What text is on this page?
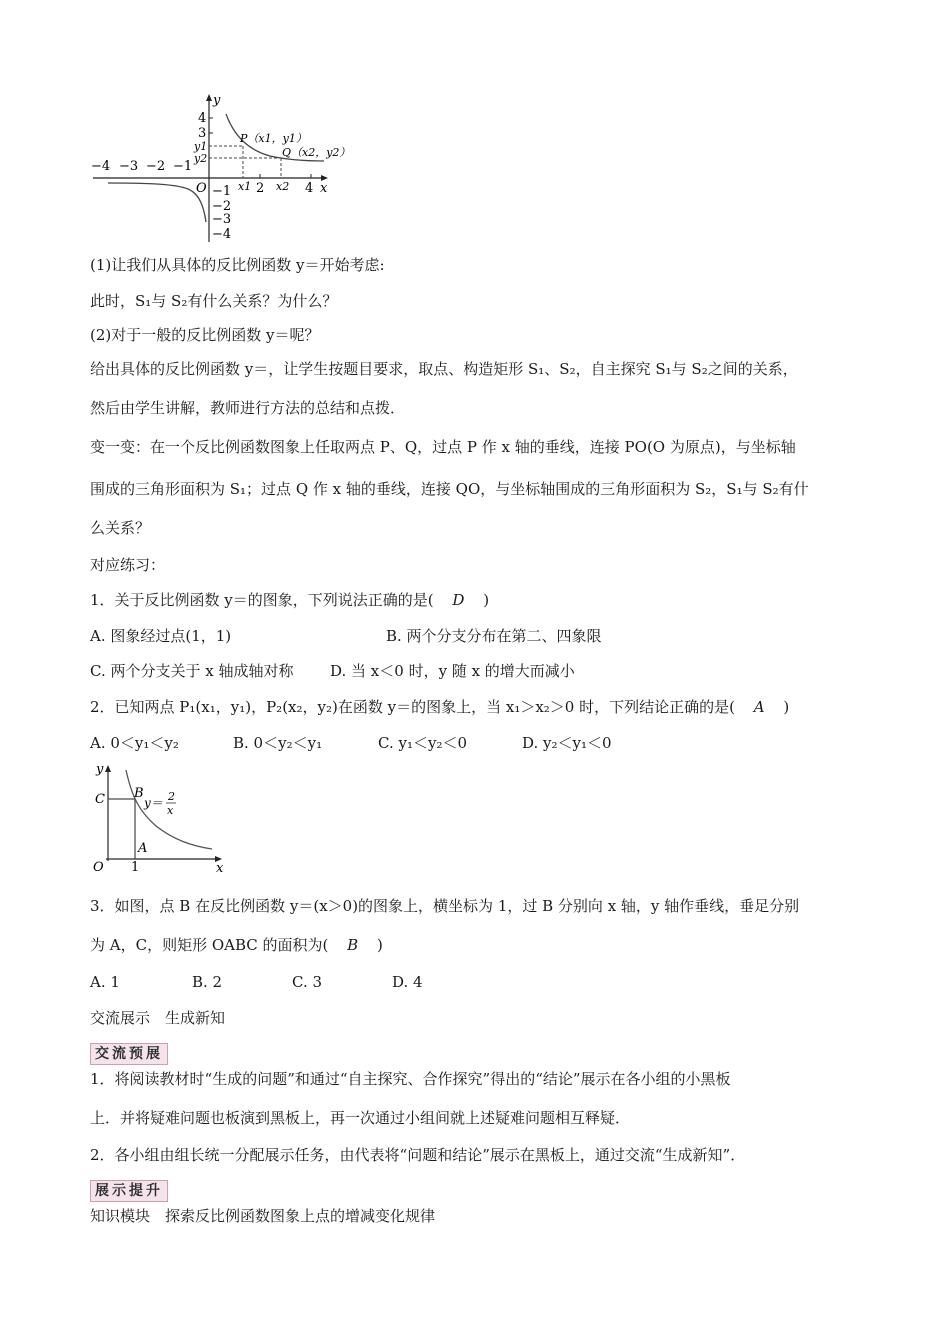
−4 −3 −2 −1
2	4
4
3
−1
−2
−3
−4
x
y
O
y1
y2
x1 x2
P（x1，y1）
Q（x2，y2）
(1)让我们从具体的反比例函数 y＝开始考虑:
此时，S₁与 S₂有什么关系？为什么？
(2)对于一般的反比例函数 y＝呢？
给出具体的反比例函数 y＝，让学生按题目要求，取点、构造矩形 S₁、S₂，自主探究 S₁与 S₂之间的关系，
然后由学生讲解，教师进行方法的总结和点拨．
变一变：在一个反比例函数图象上任取两点 P、Q，过点 P 作 x 轴的垂线，连接 PO(O 为原点)，与坐标轴
围成的三角形面积为 S₁；过点 Q 作 x 轴的垂线，连接 QO，与坐标轴围成的三角形面积为 S₂，S₁与 S₂有什
么关系？
对应练习：
1．关于反比例函数 y＝的图象，下列说法正确的是( D )
A. 图象经过点(1，1)	B. 两个分支分布在第二、四象限
C. 两个分支关于 x 轴成轴对称 D. 当 x＜0 时，y 随 x 的增大而减小
2．已知两点 P₁(x₁，y₁)，P₂(x₂，y₂)在函数 y＝的图象上，当 x₁＞x₂＞0 时，下列结论正确的是( A )
A. 0＜y₁＜y₂	B. 0＜y₂＜y₁	C. y₁＜y₂＜0	D. y₂＜y₁＜0
y
x
O
C B
A
1
y＝ 2
x
3．如图，点 B 在反比例函数 y＝(x＞0)的图象上，横坐标为 1，过 B 分别向 x 轴，y 轴作垂线，垂足分别
为 A，C，则矩形 OABC 的面积为( B )
A. 1	B. 2	C. 3	D. 4
交流展示　生成新知
交流预展
1．将阅读教材时“生成的问题”和通过“自主探究、合作探究”得出的“结论”展示在各小组的小黑板
上．并将疑难问题也板演到黑板上，再一次通过小组间就上述疑难问题相互释疑．
2．各小组由组长统一分配展示任务，由代表将“问题和结论”展示在黑板上，通过交流“生成新知”．
展示提升
知识模块　探索反比例函数图象上点的增减变化规律
